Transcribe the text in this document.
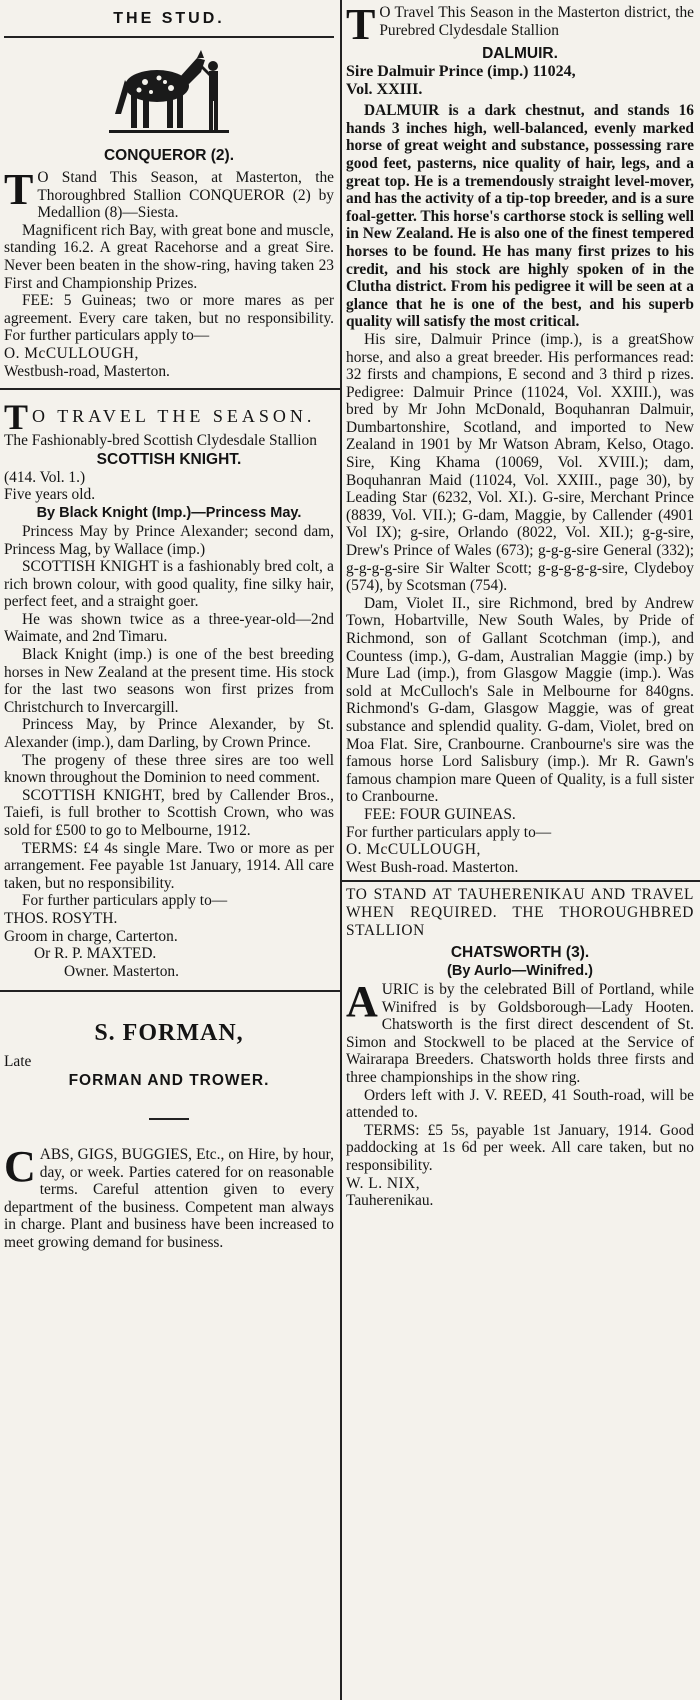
THE STUD.
CONQUEROR (2).
T O Stand This Season, at Masterton, the Thoroughbred Stallion CONQUEROR (2) by Medallion (8)—Siesta.

Magnificent rich Bay, with great bone and muscle, standing 16.2. A great Racehorse and a great Sire. Never been beaten in the show-ring, having taken 23 First and Championship Prizes.

FEE: 5 Guineas; two or more mares as per agreement. Every care taken, but no responsibility. For further particulars apply to—

O. McCULLOUGH,
Westbush-road, Masterton.
T O TRAVEL THE SEASON.
The Fashionably-bred Scottish Clydesdale Stallion
SCOTTISH KNIGHT.
(414. Vol. 1.)
Five years old.
By Black Knight (Imp.)—Princess May.

Princess May by Prince Alexander; second dam, Princess Mag, by Wallace (imp.)

SCOTTISH KNIGHT is a fashionably bred colt, a rich brown colour, with good quality, fine silky hair, perfect feet, and a straight goer.

He was shown twice as a three-year-old—2nd Waimate, and 2nd Timaru.

Black Knight (imp.) is one of the best breeding horses in New Zealand at the present time. His stock for the last two seasons won first prizes from Christchurch to Invercargill.

Princess May, by Prince Alexander, by St. Alexander (imp.), dam Darling, by Crown Prince.

The progeny of these three sires are too well known throughout the Dominion to need comment.

SCOTTISH KNIGHT, bred by Callender Bros., Taiefi, is full brother to Scottish Crown, who was sold for £500 to go to Melbourne, 1912.

TERMS: £4 4s single Mare. Two or more as per arrangement. Fee payable 1st January, 1914. All care taken, but no responsibility.

For further particulars apply to—

THOS. ROSYTH.
Groom in charge, Carterton.
Or R. P. MAXTED.
Owner. Masterton.
S. FORMAN,
Late
FORMAN AND TROWER.
C ABS, GIGS, BUGGIES, Etc., on Hire, by hour, day, or week. Parties catered for on reasonable terms. Careful attention given to every department of the business. Competent man always in charge. Plant and business have been increased to meet growing demand for business.

T O Travel This Season in the Masterton district, the Purebred Clydesdale Stallion

DALMUIR.
Sire Dalmuir Prince (imp.) 11024,
Vol. XXIII.

DALMUIR is a dark chestnut, and stands 16 hands 3 inches high, well-balanced, evenly marked horse of great weight and substance, possessing rare good feet, pasterns, nice quality of hair, legs, and a great top. He is a tremendously straight level-mover, and has the activity of a tip-top breeder, and is a sure foal-getter. This horse's carthorse stock is selling well in New Zealand. He is also one of the finest tempered horses to be found. He has many first prizes to his credit, and his stock are highly spoken of in the Clutha district. From his pedigree it will be seen at a glance that he is one of the best, and his superb quality will satisfy the most critical.

His sire, Dalmuir Prince (imp.), is a greatShow horse, and also a great breeder. His performances read: 32 firsts and champions, E second and 3 third p rizes. Pedigree: Dalmuir Prince (11024, Vol. XXIII.), was bred by Mr John McDonald, Boquhanran Dalmuir, Dumbartonshire, Scotland, and imported to New Zealand in 1901 by Mr Watson Abram, Kelso, Otago. Sire, King Khama (10069, Vol. XVIII.); dam, Boquhanran Maid (11024, Vol. XXIII., page 30), by Leading Star (6232, Vol. XI.). G-sire, Merchant Prince (8839, Vol. VII.); G-dam, Maggie, by Callender (4901 Vol IX); g-sire, Orlando (8022, Vol. XII.); g-g-sire, Drew's Prince of Wales (673); g-g-g-sire General (332); g-g-g-g-sire Sir Walter Scott; g-g-g-g-g-sire, Clydeboy (574), by Scotsman (754).

Dam, Violet II., sire Richmond, bred by Andrew Town, Hobartville, New South Wales, by Pride of Richmond, son of Gallant Scotchman (imp.), and Countess (imp.), G-dam, Australian Maggie (imp.) by Mure Lad (imp.), from Glasgow Maggie (imp.). Was sold at McCulloch's Sale in Melbourne for 840gns. Richmond's G-dam, Glasgow Maggie, was of great substance and splendid quality. G-dam, Violet, bred on Moa Flat. Sire, Cranbourne. Cranbourne's sire was the famous horse Lord Salisbury (imp.). Mr R. Gawn's famous champion mare Queen of Quality, is a full sister to Cranbourne.

FEE: FOUR GUINEAS.
For further particulars apply to—
O. McCULLOUGH,
West Bush-road. Masterton.

TO STAND AT TAUHERENIKAU AND TRAVEL WHEN REQUIRED. THE THOROUGHBRED STALLION

CHATSWORTH (3).
(By Aurlo—Winifred.)
A URIC is by the celebrated Bill of Portland, while Winifred is by Goldsborough—Lady Hooten. Chatsworth is the first direct descendent of St. Simon and Stockwell to be placed at the Service of Wairarapa Breeders. Chatsworth holds three firsts and three championships in the show ring.

Orders left with J. V. REED, 41 South-road, will be attended to.

TERMS: £5 5s, payable 1st January, 1914. Good paddocking at 1s 6d per week. All care taken, but no responsibility.

W. L. NIX,
Tauherenikau.
